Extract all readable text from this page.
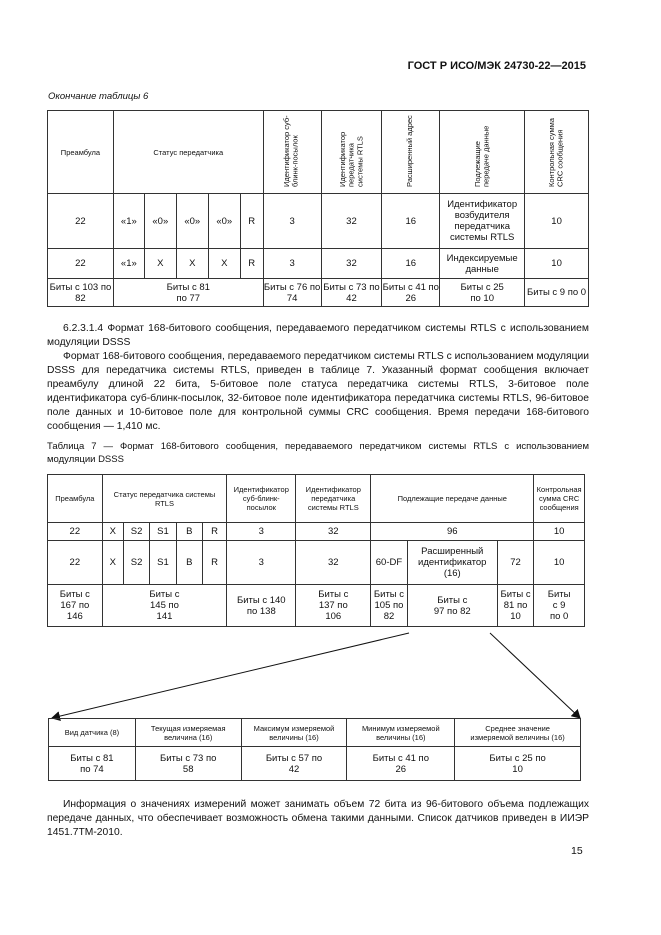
ГОСТ Р ИСО/МЭК 24730-22—2015
Окончание таблицы 6
Преамбула	Статус передатчика					Идентификатор суб-блинк-посылок	Идентификатор передатчика системы RTLS	Расширенный адрес	Подлежащие передаче данные	Контрольная сумма CRC сообщения
22	«1»	«0»	«0»	«0»	R	3	32	16	Идентификатор возбудителя передатчика системы RTLS	10
22	«1»	X	X	X	R	3	32	16	Индексируемые данные	10
Биты с 103 по 82	Биты с 81 по 77					Биты с 76 по 74	Биты с 73 по 42	Биты с 41 по 26	Биты с 25 по 10	Биты с 9 по 0
6.2.3.1.4 Формат 168-битового сообщения, передаваемого передатчиком системы RTLS с использованием модуляции DSSS
Формат 168-битового сообщения, передаваемого передатчиком системы RTLS с использованием модуляции DSSS для передатчика системы RTLS, приведен в таблице 7. Указанный формат сообщения включает преамбулу длиной 22 бита, 5-битовое поле статуса передатчика системы RTLS, 3-битовое поле идентификатора суб-блинк-посылок, 32-битовое поле идентификатора передатчика системы RTLS, 96-битовое поле данных и 10-битовое поле для контрольной суммы CRC сообщения. Время передачи 168-битового сообщения — 1,410 мс.
Таблица 7 — Формат 168-битового сообщения, передаваемого передатчиком системы RTLS с использованием модуляции DSSS
Преамбула	Статус передатчика системы RTLS					Идентификатор суб-блинк-посылок	Идентификатор передатчика системы RTLS	Подлежащие передаче данные			Контрольная сумма CRC сообщения
22	X	S2	S1	B	R	3	32	96			10
22	X	S2	S1	B	R	3	32	60-DF	Расширенный идентификатор (16)	72	10
Биты с 167 по 146	Биты с 145 по 141					Биты с 140 по 138	Биты с 137 по 106	Биты с 105 по 82	Биты с 97 по 82	Биты с 81 по 10	Биты с 9 по 0
Вид датчика (8)	Текущая измеряемая величина (16)	Максимум измеряемой величины (16)	Минимум измеряемой величины (16)	Среднее значение измеряемой величины (16)
Биты с 81 по 74	Биты с 73 по 58	Биты с 57 по 42	Биты с 41 по 26	Биты с 25 по 10
Информация о значениях измерений может занимать объем 72 бита из 96-битового объема подлежащих передаче данных, что обеспечивает возможность обмена такими данными. Список датчиков приведен в ИИЭР 1451.7TM-2010.
15
